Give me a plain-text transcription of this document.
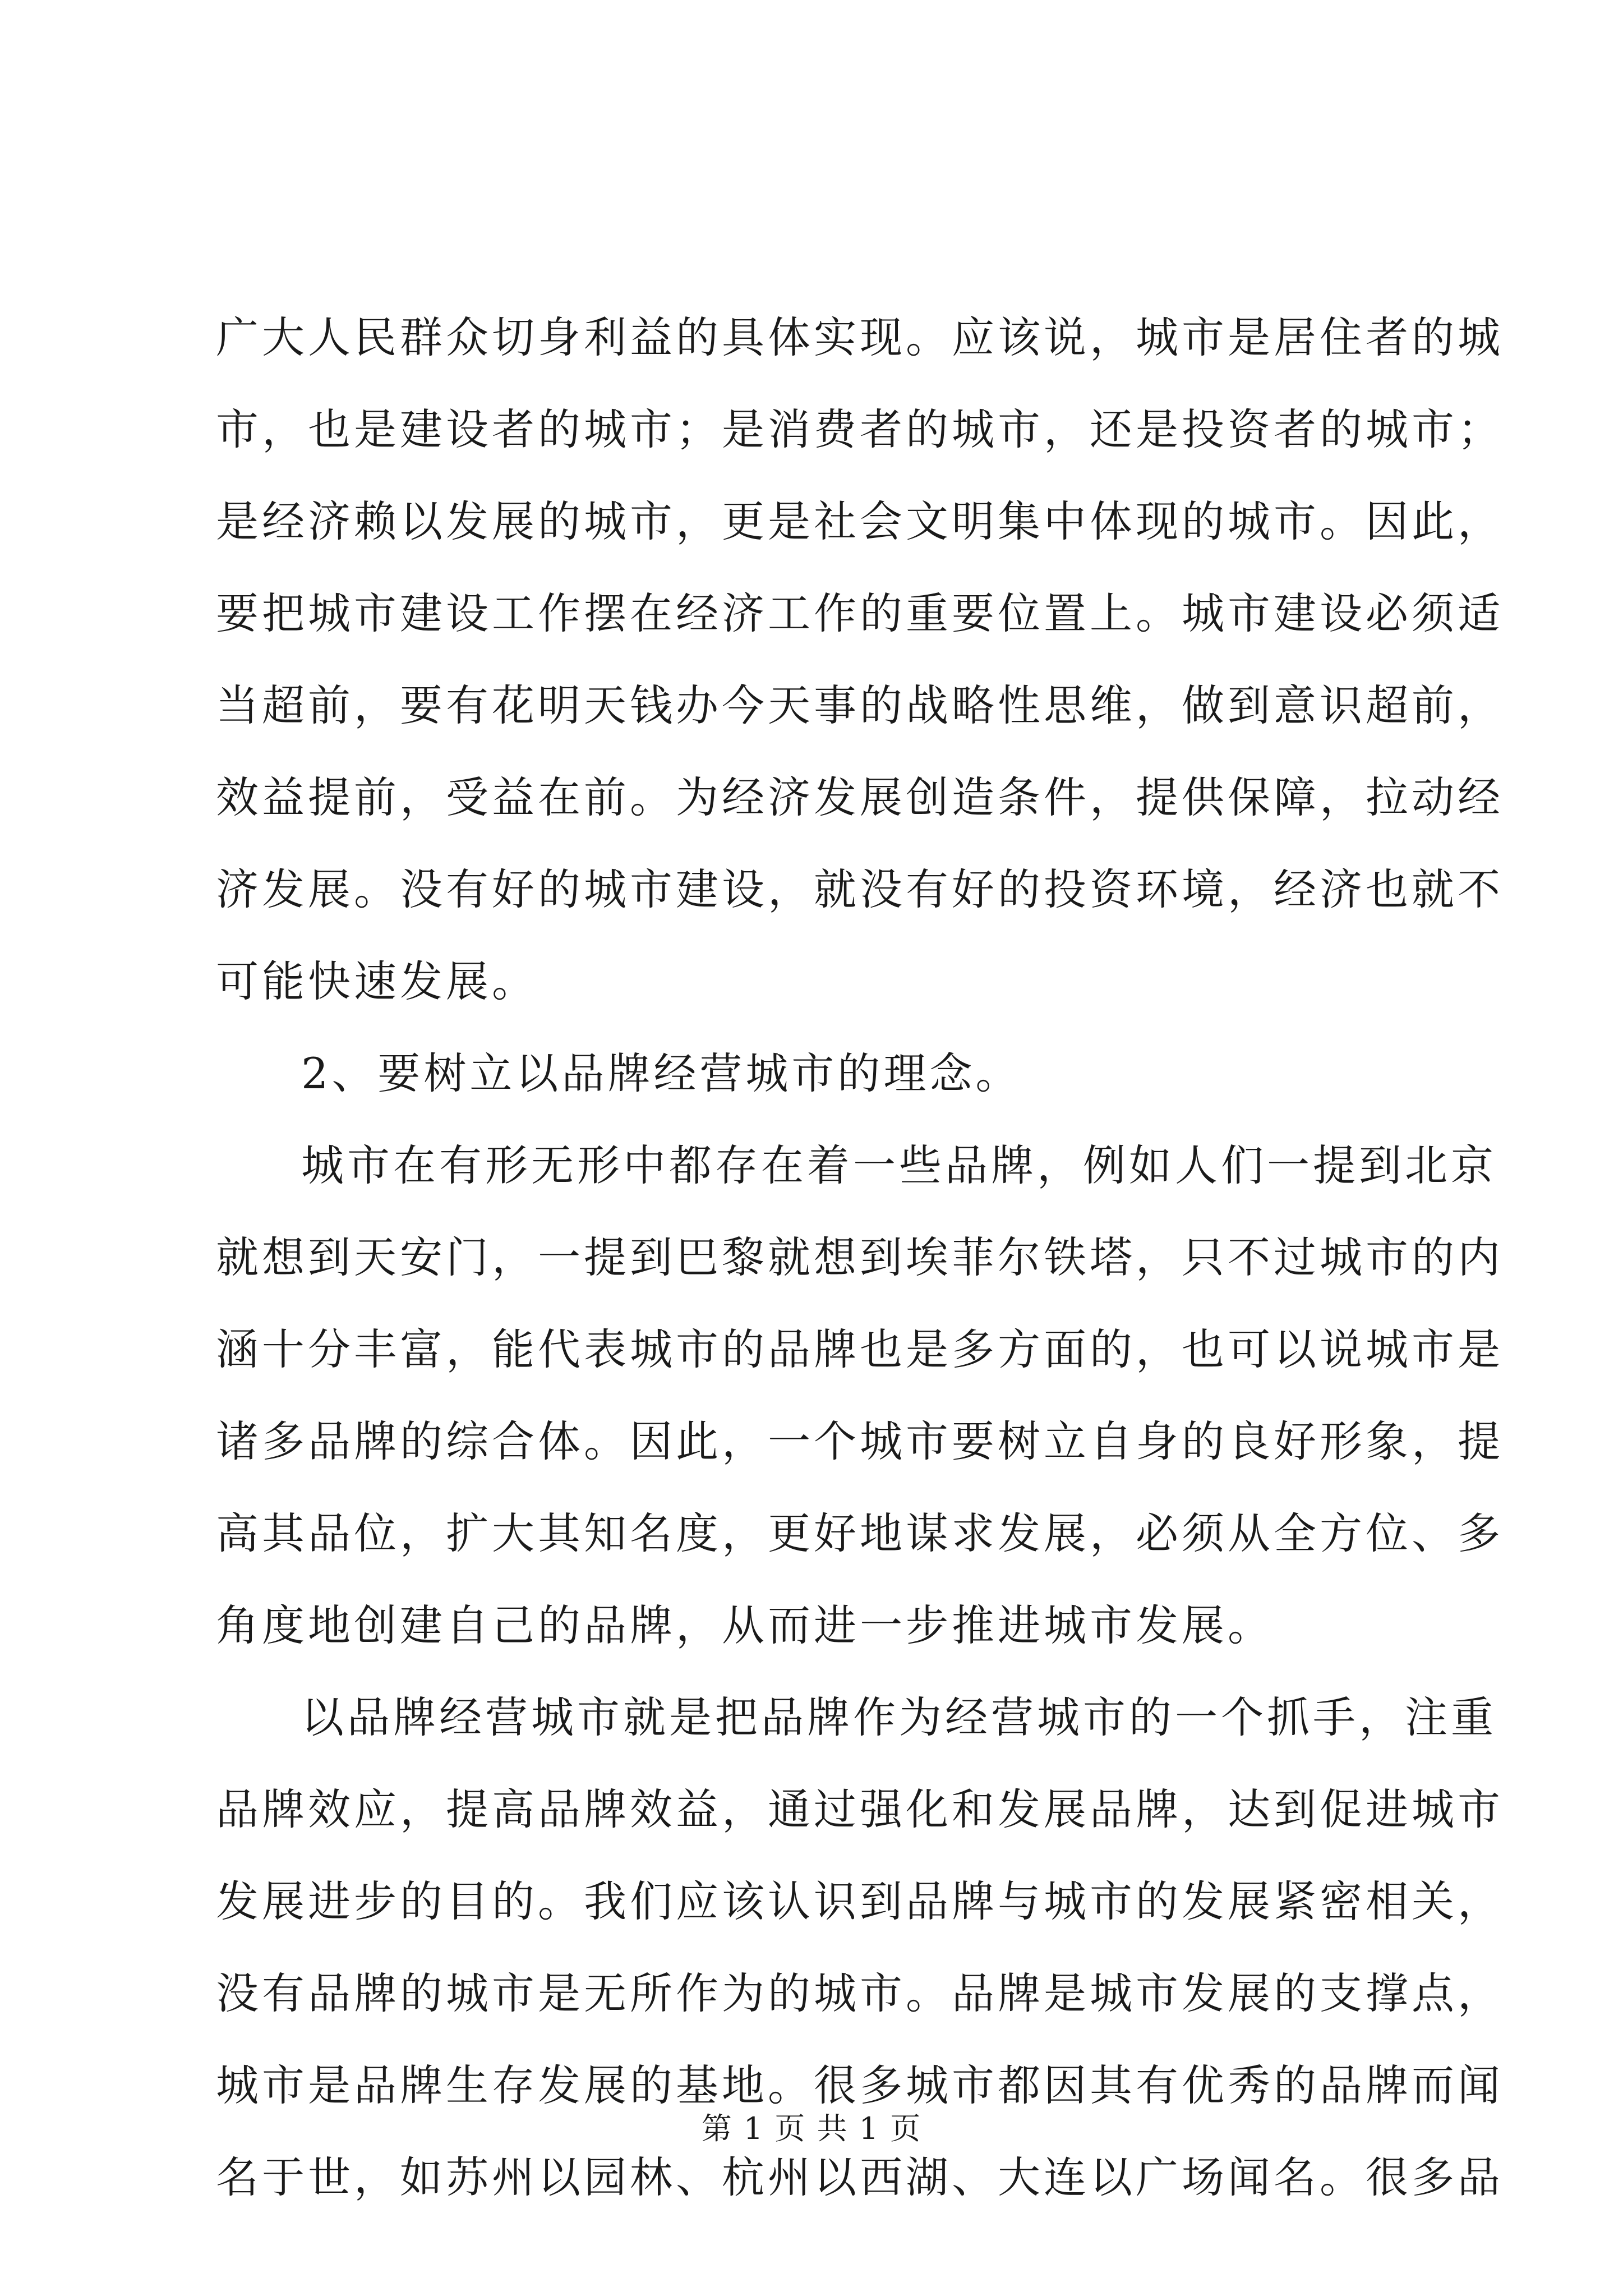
广大人民群众切身利益的具体实现。应该说，城市是居住者的城
市，也是建设者的城市；是消费者的城市，还是投资者的城市；
是经济赖以发展的城市，更是社会文明集中体现的城市。因此，
要把城市建设工作摆在经济工作的重要位置上。城市建设必须适
当超前，要有花明天钱办今天事的战略性思维，做到意识超前，
效益提前，受益在前。为经济发展创造条件，提供保障，拉动经
济发展。没有好的城市建设，就没有好的投资环境，经济也就不
可能快速发展。
2、要树立以品牌经营城市的理念。
城市在有形无形中都存在着一些品牌，例如人们一提到北京
就想到天安门，一提到巴黎就想到埃菲尔铁塔，只不过城市的内
涵十分丰富，能代表城市的品牌也是多方面的，也可以说城市是
诸多品牌的综合体。因此，一个城市要树立自身的良好形象，提
高其品位，扩大其知名度，更好地谋求发展，必须从全方位、多
角度地创建自己的品牌，从而进一步推进城市发展。
以品牌经营城市就是把品牌作为经营城市的一个抓手，注重
品牌效应，提高品牌效益，通过强化和发展品牌，达到促进城市
发展进步的目的。我们应该认识到品牌与城市的发展紧密相关，
没有品牌的城市是无所作为的城市。品牌是城市发展的支撑点，
城市是品牌生存发展的基地。很多城市都因其有优秀的品牌而闻
名于世，如苏州以园林、杭州以西湖、大连以广场闻名。很多品
第 1 页 共 1 页
